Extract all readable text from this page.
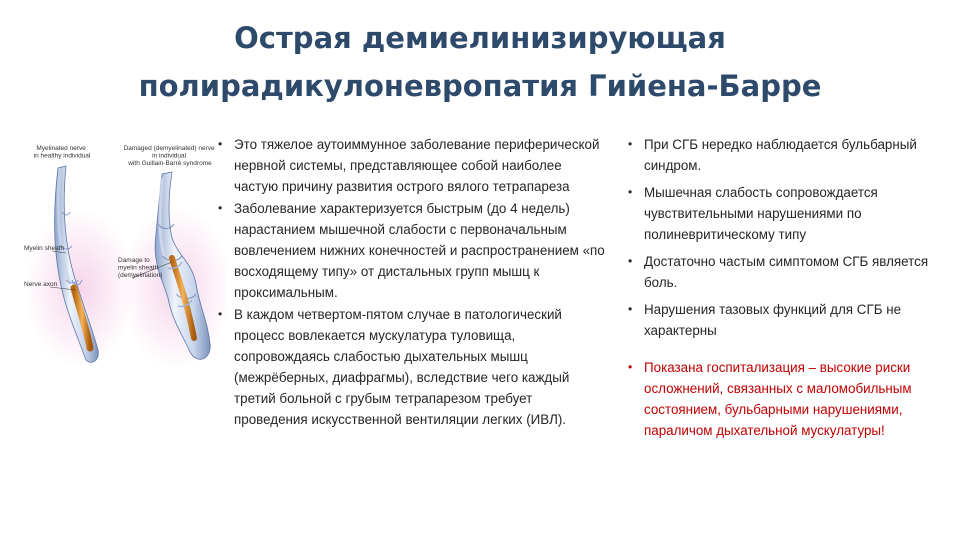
Острая демиелинизирующая
полирадикулоневропатия Гийена-Барре
Myelinated nerve in healthy individual
Damaged (demyelinated) nerve in individual with Guillain-Barré syndrome
Myelin sheath
Nerve axon
Damage to myelin sheath (demyelination)
• Это тяжелое аутоиммунное заболевание периферической нервной системы, представляющее собой наиболее частую причину развития острого вялого тетрапареза
• Заболевание характеризуется быстрым (до 4 недель) нарастанием мышечной слабости с первоначальным вовлечением нижних конечностей и распространением «по восходящему типу» от дистальных групп мышц к проксимальным.
• В каждом четвертом-пятом случае в патологический процесс вовлекается мускулатура туловища, сопровождаясь слабостью дыхательных мышц (межрёберных, диафрагмы), вследствие чего каждый третий больной с грубым тетрапарезом требует проведения искусственной вентиляции легких (ИВЛ).
• При СГБ нередко наблюдается бульбарный синдром.
• Мышечная слабость сопровождается чувствительными нарушениями по полиневритическому типу
• Достаточно частым симптомом СГБ является боль.
• Нарушения тазовых функций для СГБ не характерны
• Показана госпитализация – высокие риски осложнений, связанных с маломобильным состоянием, бульбарными нарушениями, параличом дыхательной мускулатуры!
